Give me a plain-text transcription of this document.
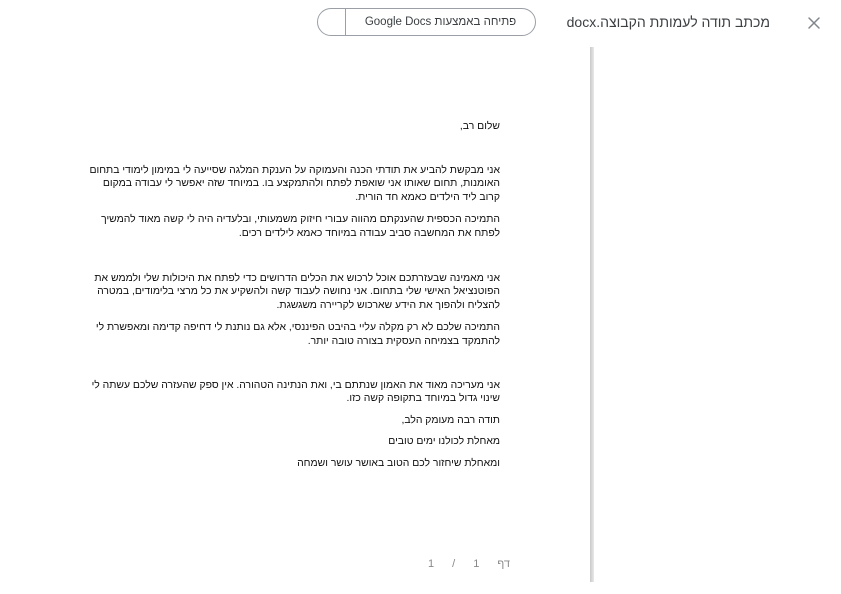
מכתב תודה לעמותת הקבוצה.docx
פתיחה באמצעות Google Docs

שלום רב,

אני מבקשת להביע את תודתי הכנה והעמוקה על הענקת המלגה שסייעה לי במימון לימודי בתחום האומנות, תחום שאותו אני שואפת לפתח ולהתמקצע בו. במיוחד שזה יאפשר לי עבודה במקום קרוב ליד הילדים כאמא חד הורית.

התמיכה הכספית שהענקתם מהווה עבורי חיזוק משמעותי, ובלעדיה היה לי קשה מאוד להמשיך לפתח את המחשבה סביב עבודה במיוחד כאמא לילדים רכים.

אני מאמינה שבעזרתכם אוכל לרכוש את הכלים הדרושים כדי לפתח את היכולות שלי ולממש את הפוטנציאל האישי שלי בתחום. אני נחושה לעבוד קשה ולהשקיע את כל מרצי בלימודים, במטרה להצליח ולהפוך את הידע שארכוש לקריירה משגשגת.

התמיכה שלכם לא רק מקלה עליי בהיבט הפיננסי, אלא גם נותנת לי דחיפה קדימה ומאפשרת לי להתמקד בצמיחה העסקית בצורה טובה יותר.

אני מעריכה מאוד את האמון שנתתם בי, ואת הנתינה הטהורה. אין ספק שהעזרה שלכם עשתה לי שינוי גדול במיוחד בתקופה קשה כזו.

תודה רבה מעומק הלב,

מאחלת לכולנו ימים טובים

ומאחלת שיחזור לכם הטוב באושר עושר ושמחה

דף
1
/
1
